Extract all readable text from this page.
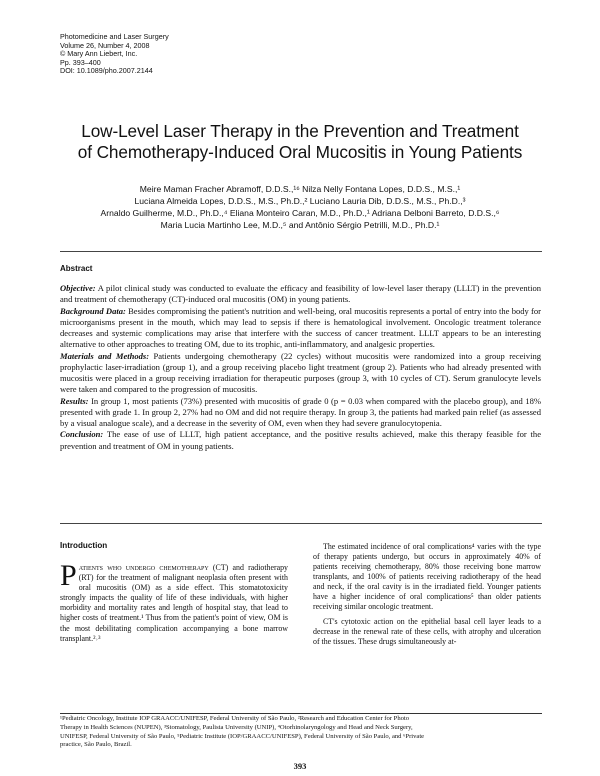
Photomedicine and Laser Surgery
Volume 26, Number 4, 2008
© Mary Ann Liebert, Inc.
Pp. 393–400
DOI: 10.1089/pho.2007.2144
Low-Level Laser Therapy in the Prevention and Treatment
of Chemotherapy-Induced Oral Mucositis in Young Patients
Meire Maman Fracher Abramoff, D.D.S.,¹⁶ Nilza Nelly Fontana Lopes, D.D.S., M.S.,¹
Luciana Almeida Lopes, D.D.S., M.S., Ph.D.,² Luciano Lauria Dib, D.D.S., M.S., Ph.D.,³
Arnaldo Guilherme, M.D., Ph.D.,⁴ Eliana Monteiro Caran, M.D., Ph.D.,¹ Adriana Delboni Barreto, D.D.S.,⁶
Maria Lucia Martinho Lee, M.D.,⁵ and Antônio Sérgio Petrilli, M.D., Ph.D.¹
Abstract

Objective: A pilot clinical study was conducted to evaluate the efficacy and feasibility of low-level laser therapy (LLLT) in the prevention and treatment of chemotherapy (CT)-induced oral mucositis (OM) in young patients.

Background Data: Besides compromising the patient's nutrition and well-being, oral mucositis represents a portal of entry into the body for microorganisms present in the mouth, which may lead to sepsis if there is hematological involvement. Oncologic treatment tolerance decreases and systemic complications may arise that interfere with the success of cancer treatment. LLLT appears to be an interesting alternative to other approaches to treating OM, due to its trophic, anti-inflammatory, and analgesic properties.

Materials and Methods: Patients undergoing chemotherapy (22 cycles) without mucositis were randomized into a group receiving prophylactic laser-irradiation (group 1), and a group receiving placebo light treatment (group 2). Patients who had already presented with mucositis were placed in a group receiving irradiation for therapeutic purposes (group 3, with 10 cycles of CT). Serum granulocyte levels were taken and compared to the progression of mucositis.

Results: In group 1, most patients (73%) presented with mucositis of grade 0 (p = 0.03 when compared with the placebo group), and 18% presented with grade 1. In group 2, 27% had no OM and did not require therapy. In group 3, the patients had marked pain relief (as assessed by a visual analogue scale), and a decrease in the severity of OM, even when they had severe granulocytopenia.

Conclusion: The ease of use of LLLT, high patient acceptance, and the positive results achieved, make this therapy feasible for the prevention and treatment of OM in young patients.

Introduction

Patients who undergo chemotherapy (CT) and radiotherapy (RT) for the treatment of malignant neoplasia often present with oral mucositis (OM) as a side effect. This stomatotoxicity strongly impacts the quality of life of these individuals, with higher morbidity and mortality rates and length of hospital stay, that lead to higher costs of treatment.¹ Thus from the patient's point of view, OM is the most debilitating complication accompanying a bone marrow transplant.²˒³

The estimated incidence of oral complications⁴ varies with the type of therapy patients undergo, but occurs in approximately 40% of patients receiving chemotherapy, 80% those receiving bone marrow transplants, and 100% of patients receiving radiotherapy of the head and neck, if the oral cavity is in the irradiated field. Younger patients have a higher incidence of oral complications⁵ than older patients receiving similar oncologic treatment.

CT's cytotoxic action on the epithelial basal cell layer leads to a decrease in the renewal rate of these cells, with atrophy and ulceration of the tissues. These drugs simultaneously at-

¹Pediatric Oncology, Institute IOP GRAACC/UNIFESP, Federal University of São Paulo, ²Research and Education Center for Photo
Therapy in Health Sciences (NUPEN), ³Stomatology, Paulista University (UNIP), ⁴Otorhinolaryngology and Head and Neck Surgery,
UNIFESP, Federal University of São Paulo, ⁵Pediatric Institute (IOP/GRAACC/UNIFESP), Federal University of São Paulo, and ⁶Private
practice, São Paulo, Brazil.
393
